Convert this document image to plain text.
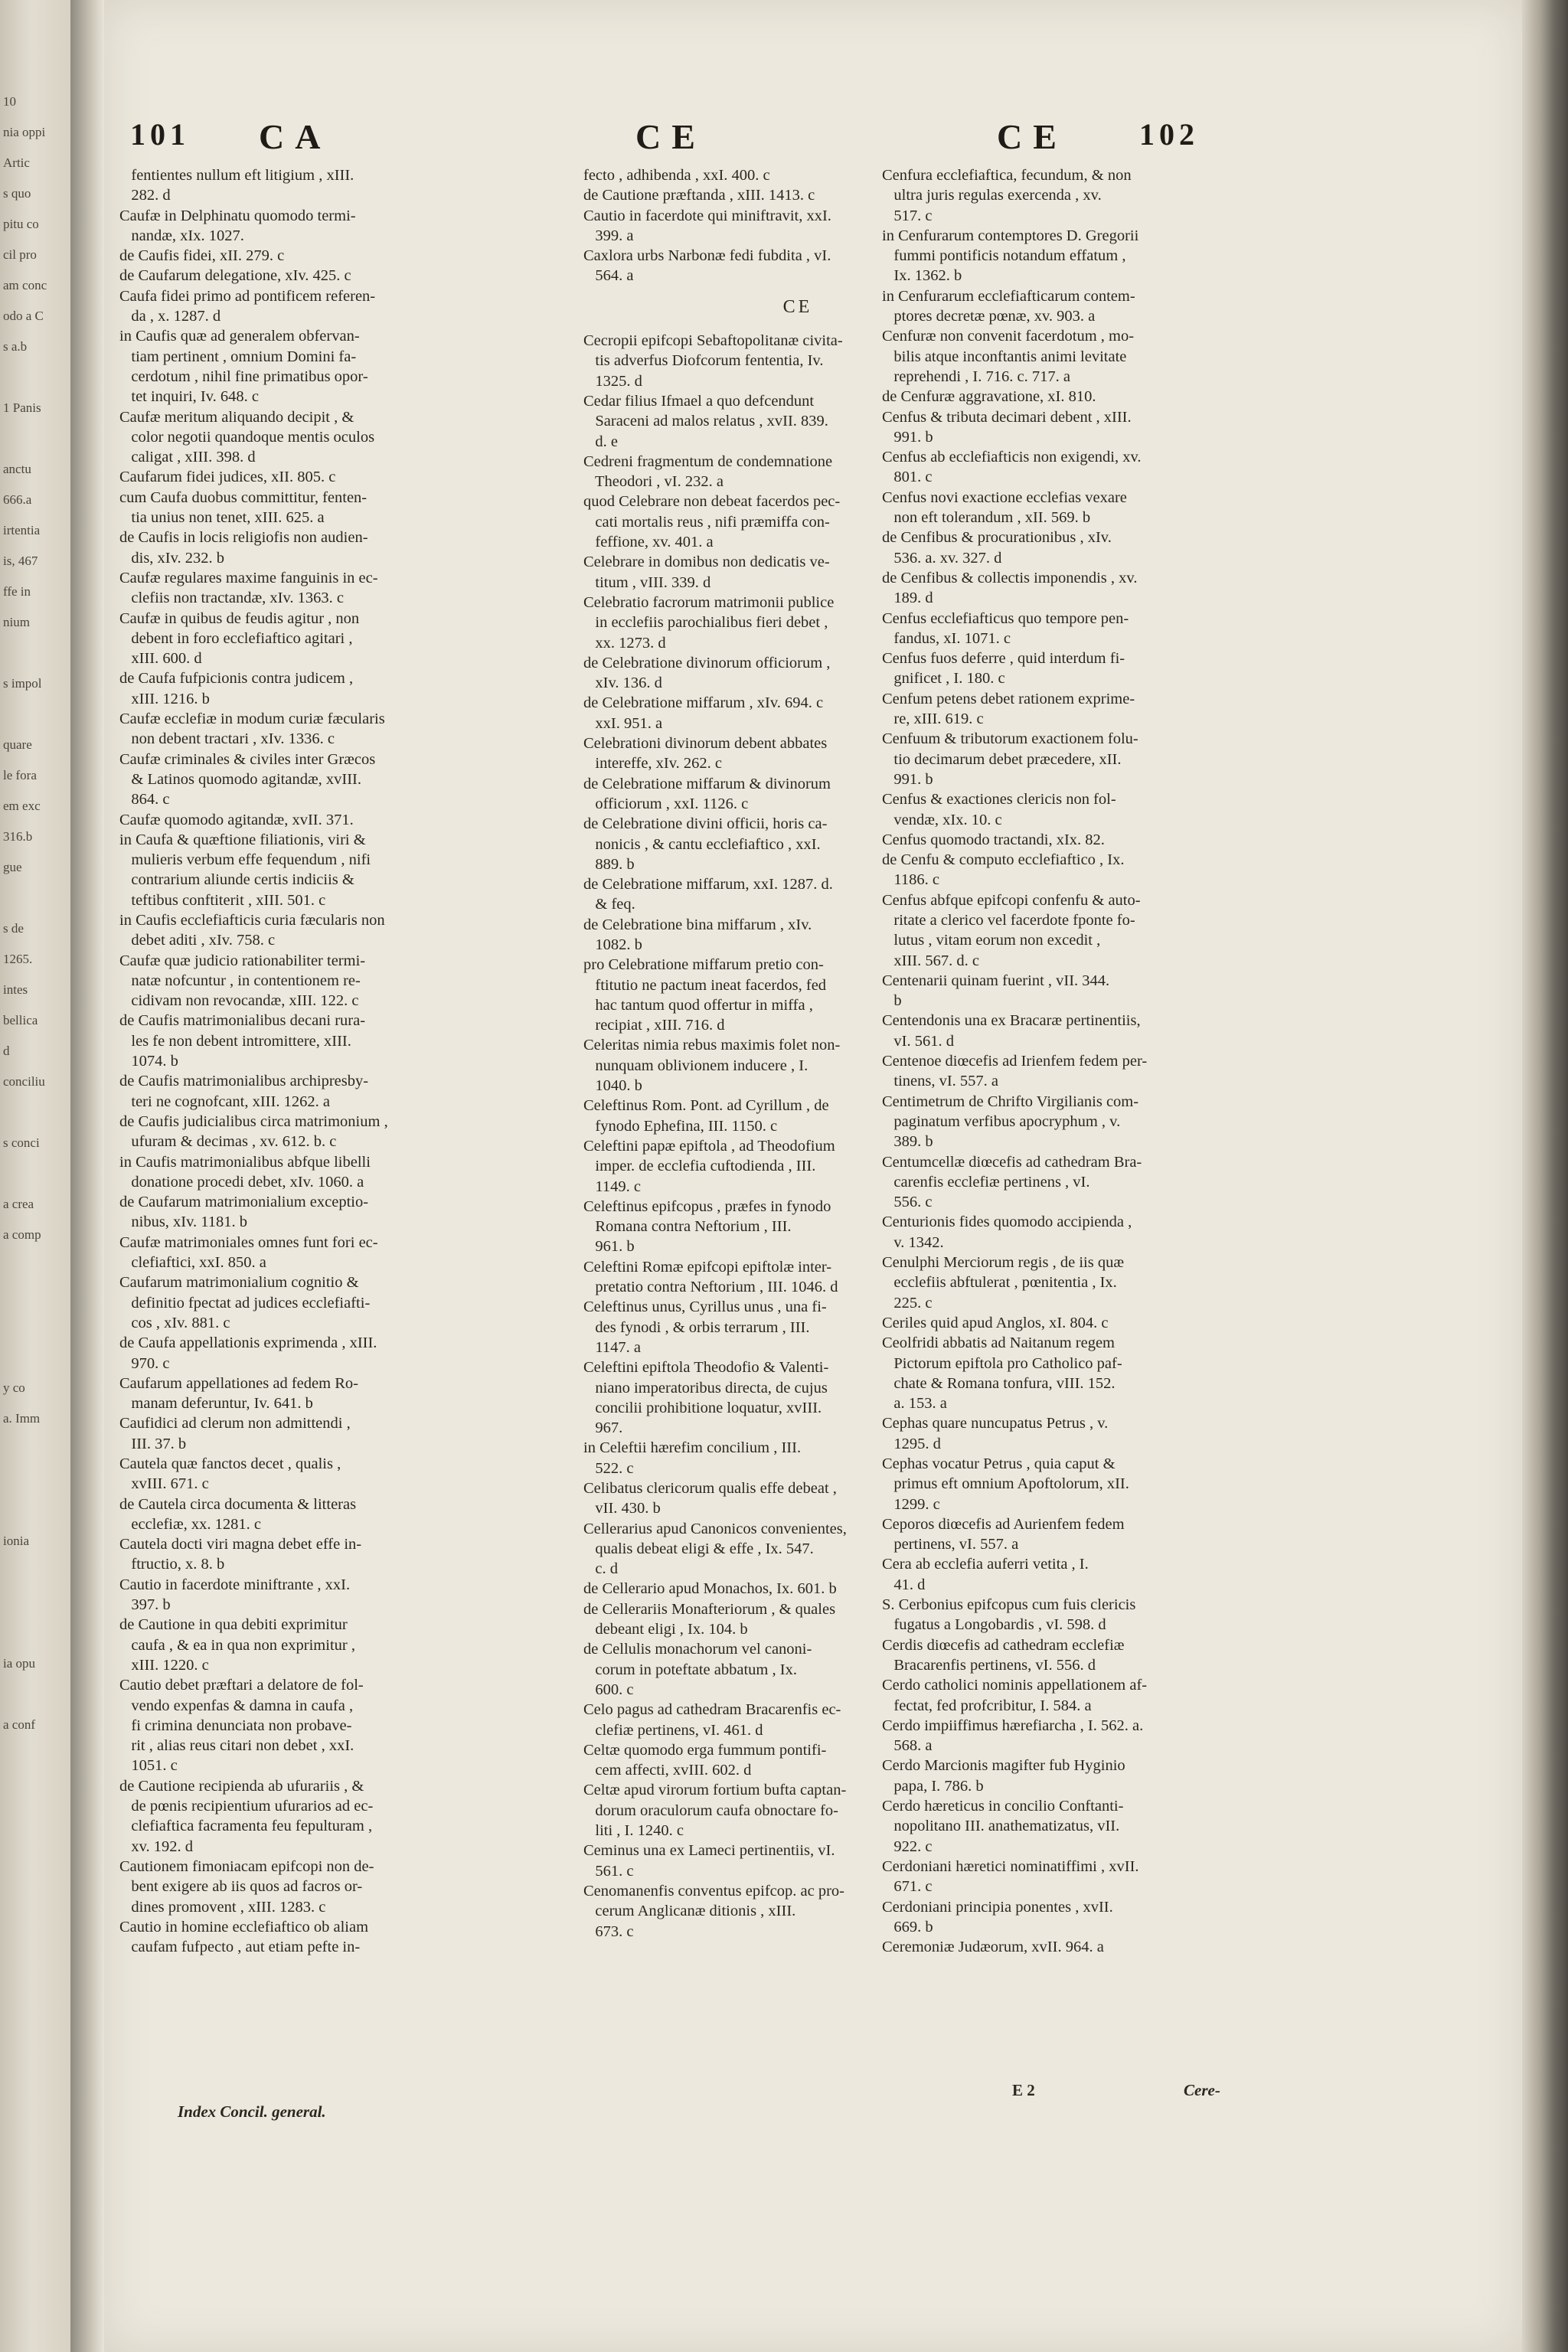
10
nia oppi
Artic
s quo
pitu co
cil pro
am conc
odo a C
s a.b
1 Panis
anctu
666.a
irtentia
is, 467
ffe in
nium
s impol
quare
le fora
em exc
316.b
gue
s de
1265.
intes
bellica
d
conciliu
s conci
a crea
a comp
y co
a. Imm
ionia
ia opu
a conf
101 CA	CE	CE 102

fentientes nullum eft litigium , xIII.

282. d

Caufæ in Delphinatu quomodo termi-

nandæ, xIx. 1027.

de Caufis fidei, xII. 279. c

de Caufarum delegatione, xIv. 425. c

Caufa fidei primo ad pontificem referen-

da , x. 1287. d

in Caufis quæ ad generalem obfervan-

tiam pertinent , omnium Domini fa-

cerdotum , nihil fine primatibus opor-

tet inquiri, Iv. 648. c

Caufæ meritum aliquando decipit , &

color negotii quandoque mentis oculos

caligat , xIII. 398. d

Caufarum fidei judices, xII. 805. c

cum Caufa duobus committitur, fenten-

tia unius non tenet, xIII. 625. a

de Caufis in locis religiofis non audien-

dis, xIv. 232. b

Caufæ regulares maxime fanguinis in ec-

clefiis non tractandæ, xIv. 1363. c

Caufæ in quibus de feudis agitur , non

debent in foro ecclefiaftico agitari ,

xIII. 600. d

de Caufa fufpicionis contra judicem ,

xIII. 1216. b

Caufæ ecclefiæ in modum curiæ fæcularis

non debent tractari , xIv. 1336. c

Caufæ criminales & civiles inter Græcos

& Latinos quomodo agitandæ, xvIII.

864. c

Caufæ quomodo agitandæ, xvII. 371.

in Caufa & quæftione filiationis, viri &

mulieris verbum effe fequendum , nifi

contrarium aliunde certis indiciis &

teftibus conftiterit , xIII. 501. c

in Caufis ecclefiafticis curia fæcularis non

debet aditi , xIv. 758. c

Caufæ quæ judicio rationabiliter termi-

natæ nofcuntur , in contentionem re-

cidivam non revocandæ, xIII. 122. c

de Caufis matrimonialibus decani rura-

les fe non debent intromittere, xIII.

1074. b

de Caufis matrimonialibus archipresby-

teri ne cognofcant, xIII. 1262. a

de Caufis judicialibus circa matrimonium ,

ufuram & decimas , xv. 612. b. c

in Caufis matrimonialibus abfque libelli

donatione procedi debet, xIv. 1060. a

de Caufarum matrimonialium exceptio-

nibus, xIv. 1181. b

Caufæ matrimoniales omnes funt fori ec-

clefiaftici, xxI. 850. a

Caufarum matrimonialium cognitio &

definitio fpectat ad judices ecclefiafti-

cos , xIv. 881. c

de Caufa appellationis exprimenda , xIII.

970. c

Caufarum appellationes ad fedem Ro-

manam deferuntur, Iv. 641. b

Caufidici ad clerum non admittendi ,

III. 37. b

Cautela quæ fanctos decet , qualis ,

xvIII. 671. c

de Cautela circa documenta & litteras

ecclefiæ, xx. 1281. c

Cautela docti viri magna debet effe in-

ftructio, x. 8. b

Cautio in facerdote miniftrante , xxI.

397. b

de Cautione in qua debiti exprimitur

caufa , & ea in qua non exprimitur ,

xIII. 1220. c

Cautio debet præftari a delatore de fol-

vendo expenfas & damna in caufa ,

fi crimina denunciata non probave-

rit , alias reus citari non debet , xxI.

1051. c

de Cautione recipienda ab ufurariis , &

de pœnis recipientium ufurarios ad ec-

clefiaftica facramenta feu fepulturam ,

xv. 192. d

Cautionem fimoniacam epifcopi non de-

bent exigere ab iis quos ad facros or-

dines promovent , xIII. 1283. c

Cautio in homine ecclefiaftico ob aliam

caufam fufpecto , aut etiam pefte in-

fecto , adhibenda , xxI. 400. c

de Cautione præftanda , xIII. 1413. c

Cautio in facerdote qui miniftravit, xxI.

399. a

Caxlora urbs Narbonæ fedi fubdita , vI.

564. a

CE

Cecropii epifcopi Sebaftopolitanæ civita-

tis adverfus Diofcorum fententia, Iv.

1325. d

Cedar filius Ifmael a quo defcendunt

Saraceni ad malos relatus , xvII. 839.

d. e

Cedreni fragmentum de condemnatione

Theodori , vI. 232. a

quod Celebrare non debeat facerdos pec-

cati mortalis reus , nifi præmiffa con-

feffione, xv. 401. a

Celebrare in domibus non dedicatis ve-

titum , vIII. 339. d

Celebratio facrorum matrimonii publice

in ecclefiis parochialibus fieri debet ,

xx. 1273. d

de Celebratione divinorum officiorum ,

xIv. 136. d

de Celebratione miffarum , xIv. 694. c

xxI. 951. a

Celebrationi divinorum debent abbates

intereffe, xIv. 262. c

de Celebratione miffarum & divinorum

officiorum , xxI. 1126. c

de Celebratione divini officii, horis ca-

nonicis , & cantu ecclefiaftico , xxI.

889. b

de Celebratione miffarum, xxI. 1287. d.

& feq.

de Celebratione bina miffarum , xIv.

1082. b

pro Celebratione miffarum pretio con-

ftitutio ne pactum ineat facerdos, fed

hac tantum quod offertur in miffa ,

recipiat , xIII. 716. d

Celeritas nimia rebus maximis folet non-

nunquam oblivionem inducere , I.

1040. b

Celeftinus Rom. Pont. ad Cyrillum , de

fynodo Ephefina, III. 1150. c

Celeftini papæ epiftola , ad Theodofium

imper. de ecclefia cuftodienda , III.

1149. c

Celeftinus epifcopus , præfes in fynodo

Romana contra Neftorium , III.

961. b

Celeftini Romæ epifcopi epiftolæ inter-

pretatio contra Neftorium , III. 1046. d

Celeftinus unus, Cyrillus unus , una fi-

des fynodi , & orbis terrarum , III.

1147. a

Celeftini epiftola Theodofio & Valenti-

niano imperatoribus directa, de cujus

concilii prohibitione loquatur, xvIII.

967.

in Celeftii hærefim concilium , III.

522. c

Celibatus clericorum qualis effe debeat ,

vII. 430. b

Cellerarius apud Canonicos convenientes,

qualis debeat eligi & effe , Ix. 547.

c. d

de Cellerario apud Monachos, Ix. 601. b

de Cellerariis Monafteriorum , & quales

debeant eligi , Ix. 104. b

de Cellulis monachorum vel canoni-

corum in poteftate abbatum , Ix.

600. c

Celo pagus ad cathedram Bracarenfis ec-

clefiæ pertinens, vI. 461. d

Celtæ quomodo erga fummum pontifi-

cem affecti, xvIII. 602. d

Celtæ apud virorum fortium bufta captan-

dorum oraculorum caufa obnoctare fo-

liti , I. 1240. c

Ceminus una ex Lameci pertinentiis, vI.

561. c

Cenomanenfis conventus epifcop. ac pro-

cerum Anglicanæ ditionis , xIII.

673. c

Cenfura ecclefiaftica, fecundum, & non

ultra juris regulas exercenda , xv.

517. c

in Cenfurarum contemptores D. Gregorii

fummi pontificis notandum effatum ,

Ix. 1362. b

in Cenfurarum ecclefiafticarum contem-

ptores decretæ pœnæ, xv. 903. a

Cenfuræ non convenit facerdotum , mo-

bilis atque inconftantis animi levitate

reprehendi , I. 716. c. 717. a

de Cenfuræ aggravatione, xI. 810.

Cenfus & tributa decimari debent , xIII.

991. b

Cenfus ab ecclefiafticis non exigendi, xv.

801. c

Cenfus novi exactione ecclefias vexare

non eft tolerandum , xII. 569. b

de Cenfibus & procurationibus , xIv.

536. a. xv. 327. d

de Cenfibus & collectis imponendis , xv.

189. d

Cenfus ecclefiafticus quo tempore pen-

fandus, xI. 1071. c

Cenfus fuos deferre , quid interdum fi-

gnificet , I. 180. c

Cenfum petens debet rationem exprime-

re, xIII. 619. c

Cenfuum & tributorum exactionem folu-

tio decimarum debet præcedere, xII.

991. b

Cenfus & exactiones clericis non fol-

vendæ, xIx. 10. c

Cenfus quomodo tractandi, xIx. 82.

de Cenfu & computo ecclefiaftico , Ix.

1186. c

Cenfus abfque epifcopi confenfu & auto-

ritate a clerico vel facerdote fponte fo-

lutus , vitam eorum non excedit ,

xIII. 567. d. c

Centenarii quinam fuerint , vII. 344.

b

Centendonis una ex Bracaræ pertinentiis,

vI. 561. d

Centenoe diœcefis ad Irienfem fedem per-

tinens, vI. 557. a

Centimetrum de Chrifto Virgilianis com-

paginatum verfibus apocryphum , v.

389. b

Centumcellæ diœcefis ad cathedram Bra-

carenfis ecclefiæ pertinens , vI.

556. c

Centurionis fides quomodo accipienda ,

v. 1342.

Cenulphi Merciorum regis , de iis quæ

ecclefiis abftulerat , pœnitentia , Ix.

225. c

Ceriles quid apud Anglos, xI. 804. c

Ceolfridi abbatis ad Naitanum regem

Pictorum epiftola pro Catholico paf-

chate & Romana tonfura, vIII. 152.

a. 153. a

Cephas quare nuncupatus Petrus , v.

1295. d

Cephas vocatur Petrus , quia caput &

primus eft omnium Apoftolorum, xII.

1299. c

Ceporos diœcefis ad Aurienfem fedem

pertinens, vI. 557. a

Cera ab ecclefia auferri vetita , I.

41. d

S. Cerbonius epifcopus cum fuis clericis

fugatus a Longobardis , vI. 598. d

Cerdis diœcefis ad cathedram ecclefiæ

Bracarenfis pertinens, vI. 556. d

Cerdo catholici nominis appellationem af-

fectat, fed profcribitur, I. 584. a

Cerdo impiiffimus hærefiarcha , I. 562. a.

568. a

Cerdo Marcionis magifter fub Hyginio

papa, I. 786. b

Cerdo hæreticus in concilio Conftanti-

nopolitano III. anathematizatus, vII.

922. c

Cerdoniani hæretici nominatiffimi , xvII.

671. c

Cerdoniani principia ponentes , xvII.

669. b

Ceremoniæ Judæorum, xvII. 964. a

Index Concil. general.
E 2	Cere-
